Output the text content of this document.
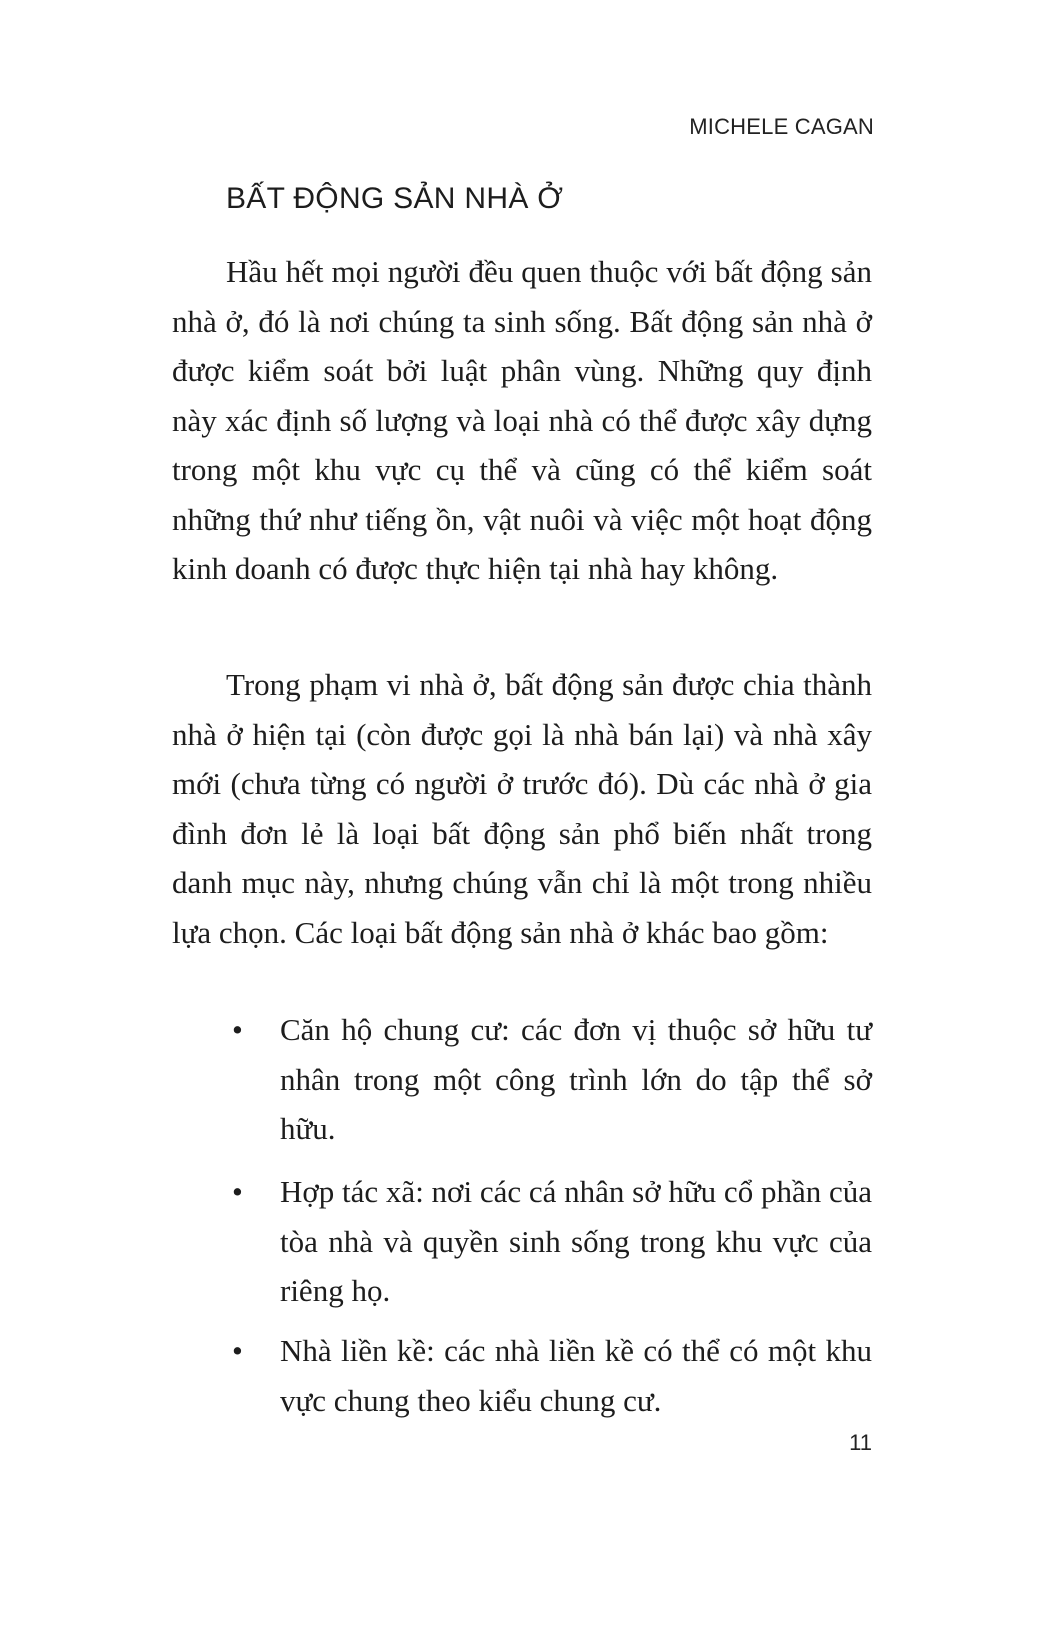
MICHELE CAGAN
BẤT ĐỘNG SẢN NHÀ Ở

Hầu hết mọi người đều quen thuộc với bất động sản nhà ở, đó là nơi chúng ta sinh sống. Bất động sản nhà ở được kiểm soát bởi luật phân vùng. Những quy định này xác định số lượng và loại nhà có thể được xây dựng trong một khu vực cụ thể và cũng có thể kiểm soát những thứ như tiếng ồn, vật nuôi và việc một hoạt động kinh doanh có được thực hiện tại nhà hay không.

Trong phạm vi nhà ở, bất động sản được chia thành nhà ở hiện tại (còn được gọi là nhà bán lại) và nhà xây mới (chưa từng có người ở trước đó). Dù các nhà ở gia đình đơn lẻ là loại bất động sản phổ biến nhất trong danh mục này, nhưng chúng vẫn chỉ là một trong nhiều lựa chọn. Các loại bất động sản nhà ở khác bao gồm:

• Căn hộ chung cư: các đơn vị thuộc sở hữu tư nhân trong một công trình lớn do tập thể sở hữu.
• Hợp tác xã: nơi các cá nhân sở hữu cổ phần của tòa nhà và quyền sinh sống trong khu vực của riêng họ.
• Nhà liền kề: các nhà liền kề có thể có một khu vực chung theo kiểu chung cư.
11
